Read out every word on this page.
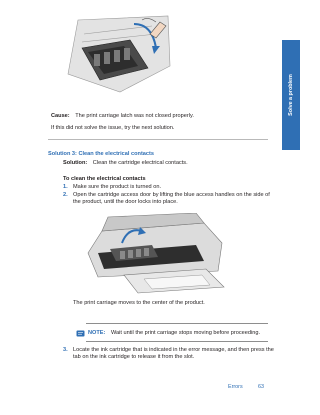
Solve a problem
Cause: The print carriage latch was not closed properly.
If this did not solve the issue, try the next solution.
Solution 3: Clean the electrical contacts
Solution: Clean the cartridge electrical contacts.
To clean the electrical contacts
1. Make sure the product is turned on.
2. Open the cartridge access door by lifting the blue access handles on the side of
the product, until the door locks into place.
The print carriage moves to the center of the product.
NOTE: Wait until the print carriage stops moving before proceeding.
3. Locate the ink cartridge that is indicated in the error message, and then press the
tab on the ink cartridge to release it from the slot.
Errors	63
